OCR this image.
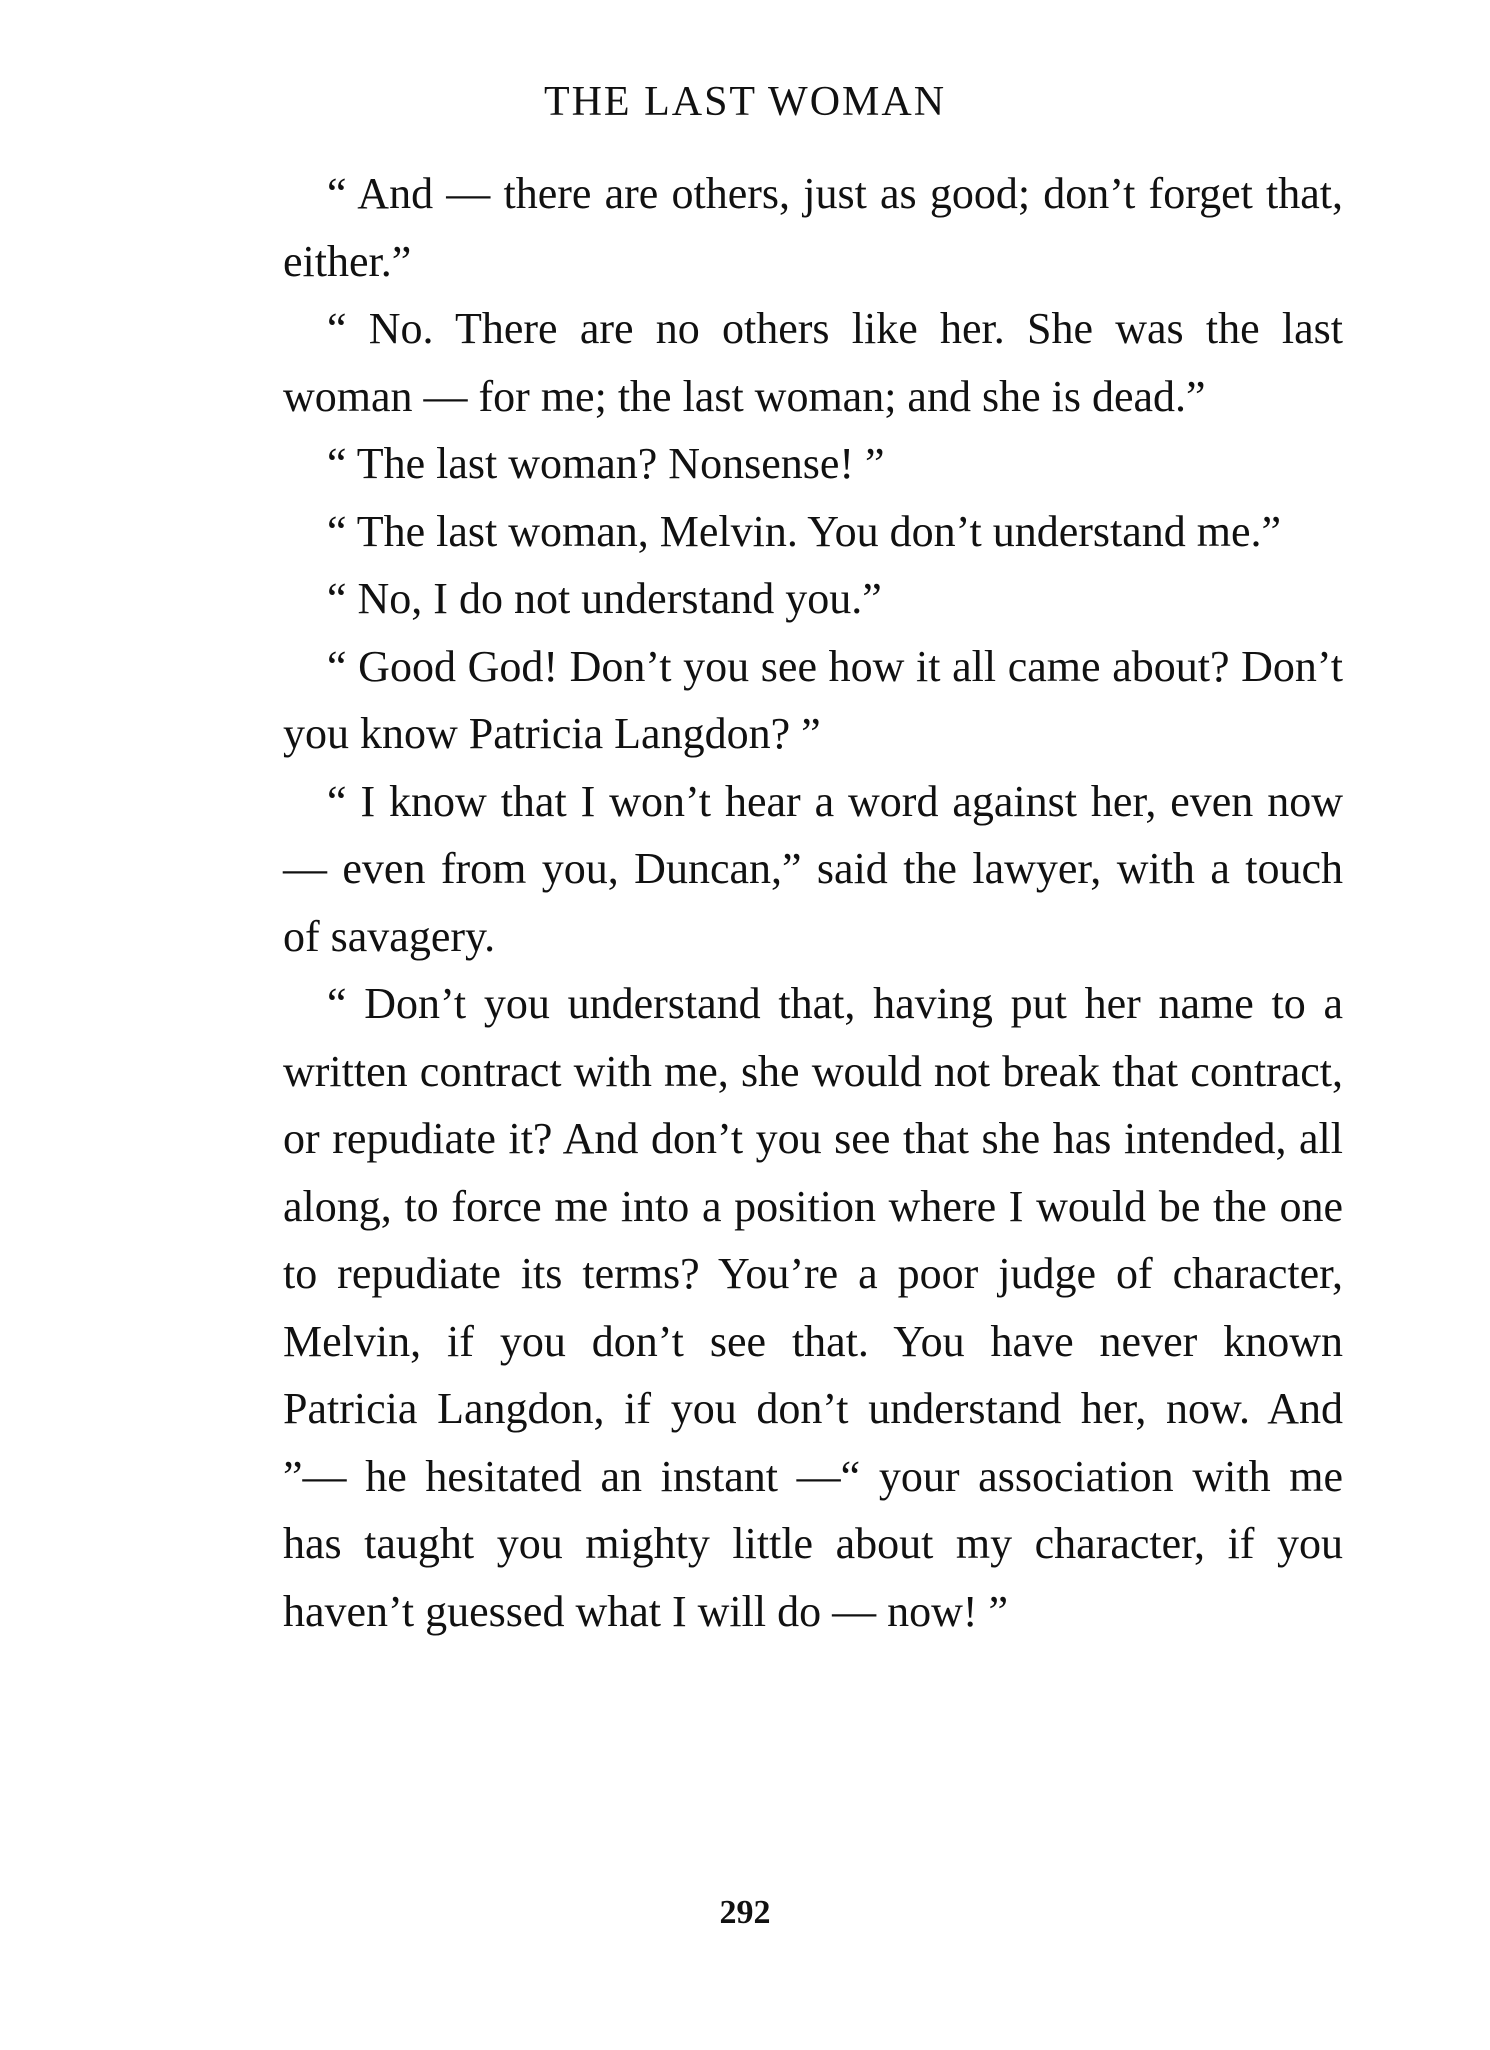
THE LAST WOMAN

“ And — there are others, just as good; don’t forget that, either.”

“ No. There are no others like her. She was the last woman — for me; the last woman; and she is dead.”

“ The last woman? Nonsense! ”

“ The last woman, Melvin. You don’t understand me.”

“ No, I do not understand you.”

“ Good God! Don’t you see how it all came about? Don’t you know Patricia Langdon? ”

“ I know that I won’t hear a word against her, even now — even from you, Duncan,” said the lawyer, with a touch of savagery.

“ Don’t you understand that, having put her name to a written contract with me, she would not break that contract, or repudiate it? And don’t you see that she has intended, all along, to force me into a position where I would be the one to repudiate its terms? You’re a poor judge of character, Melvin, if you don’t see that. You have never known Patricia Langdon, if you don’t understand her, now. And ”— he hesitated an instant —“ your association with me has taught you mighty little about my character, if you haven’t guessed what I will do — now! ”

292
